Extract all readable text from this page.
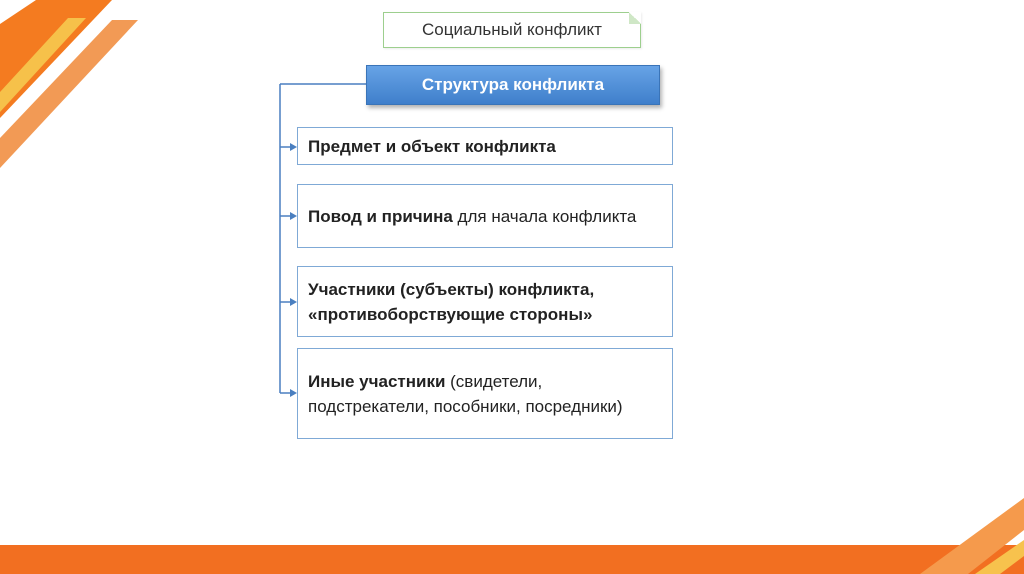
Социальный конфликт
Структура конфликта
Предмет и объект конфликта
Повод и причина для начала конфликта
Участники (субъекты) конфликта, «противоборствующие стороны»
Иные участники (свидетели, подстрекатели, пособники, посредники)
